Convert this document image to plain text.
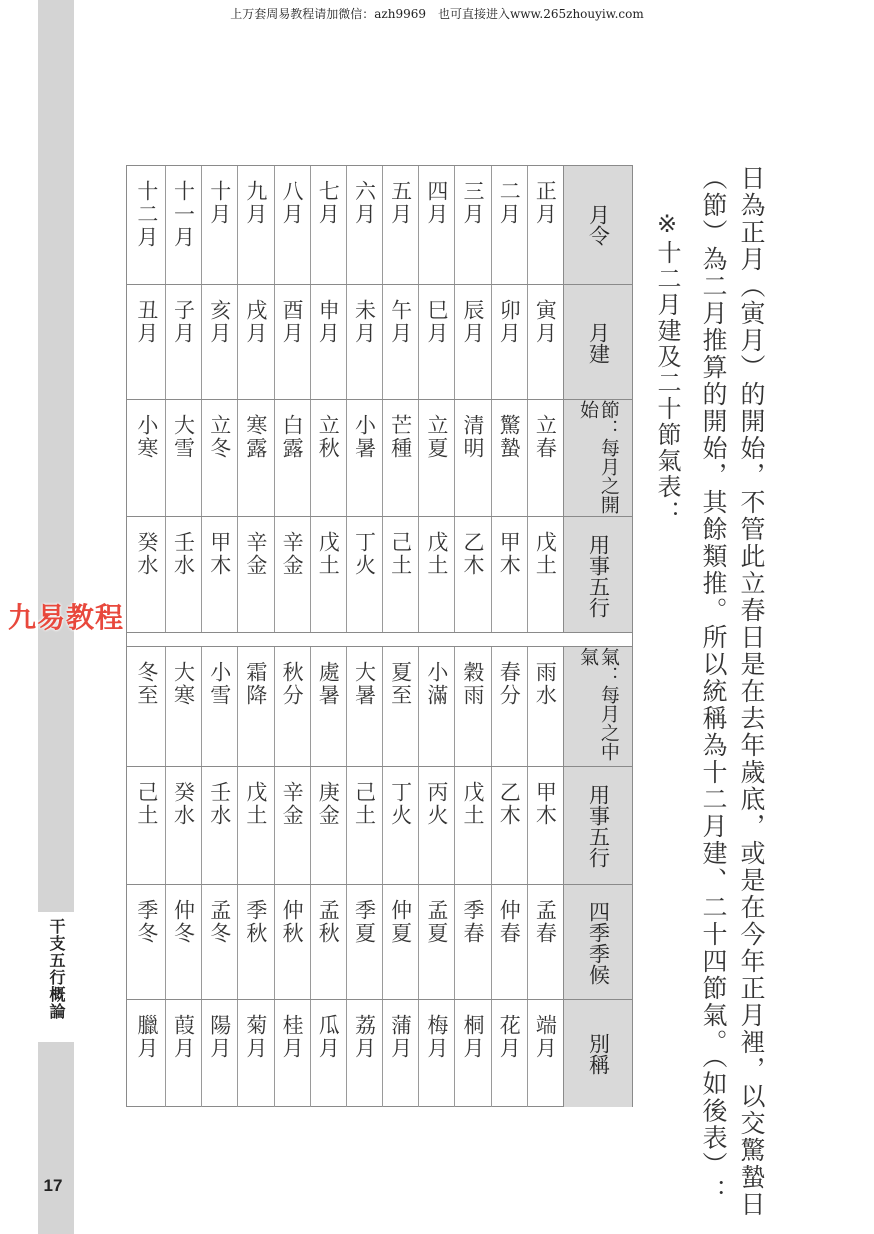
上万套周易教程请加微信：azh9969　也可直接进入www.265zhouyiw.com
干支五行概論
17	日為正月（寅月）的開始，不管此立春日是在去年歲底，或是在今年正月裡，以交驚蟄日
（節）為二月推算的開始，其餘類推。所以統稱為十二月建、二十四節氣。（如後表）：
※十二月建及二十節氣表：
月令
正月
二月
三月
四月
五月
六月
七月
八月
九月
十月
十一月
十二月
月建
寅月
卯月
辰月
巳月
午月
未月
申月
酉月
戌月
亥月
子月
丑月
節：每月之開始
立春
驚蟄
清明
立夏
芒種
小暑
立秋
白露
寒露
立冬
大雪
小寒
用事五行
戊土
甲木
乙木
戊土
己土
丁火
戊土
辛金
辛金
甲木
壬水
癸水
氣：每月之中氣
雨水
春分
穀雨
小滿
夏至
大暑
處暑
秋分
霜降
小雪
大寒
冬至
用事五行
甲木
乙木
戊土
丙火
丁火
己土
庚金
辛金
戊土
壬水
癸水
己土
四季季候
孟春
仲春
季春
孟夏
仲夏
季夏
孟秋
仲秋
季秋
孟冬
仲冬
季冬
別稱
端月
花月
桐月
梅月
蒲月
荔月
瓜月
桂月
菊月
陽月
葭月
臘月
九易教程
